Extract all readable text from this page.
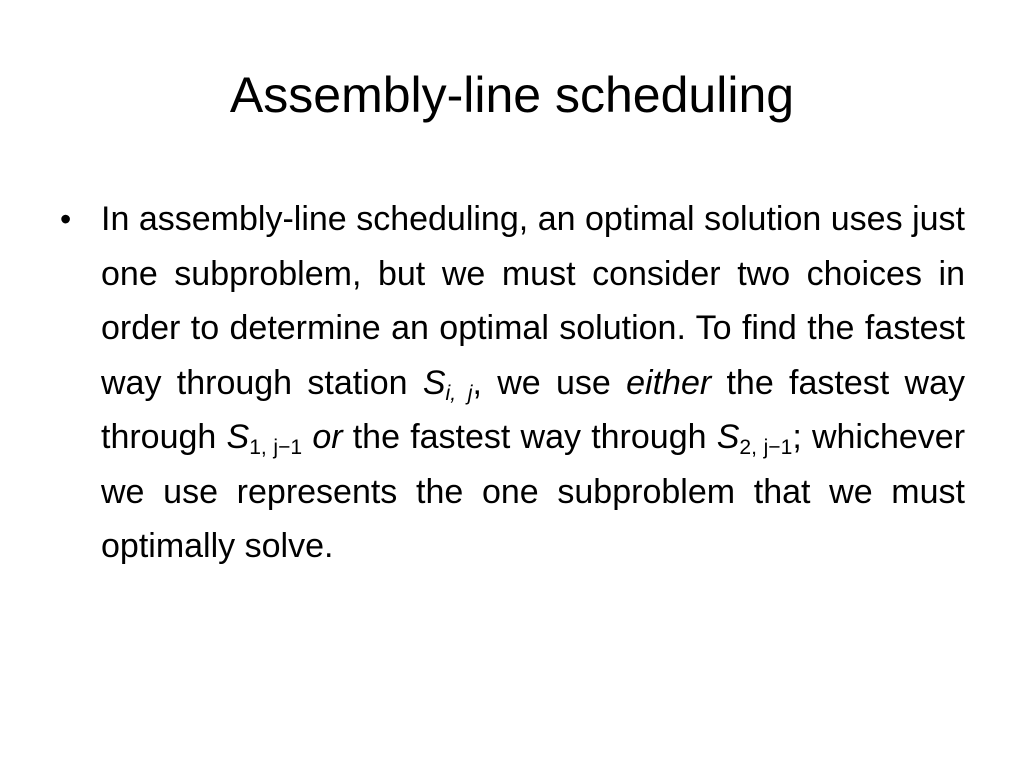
Assembly-line scheduling
• In assembly-line scheduling, an optimal solution uses just one subproblem, but we must consider two choices in order to determine an optimal solution. To find the fastest way through station $S_{i, j}$, we use either the fastest way through $S_{1, j-1}$ or the fastest way through $S_{2, j-1}$; whichever we use represents the one subproblem that we must optimally solve.
